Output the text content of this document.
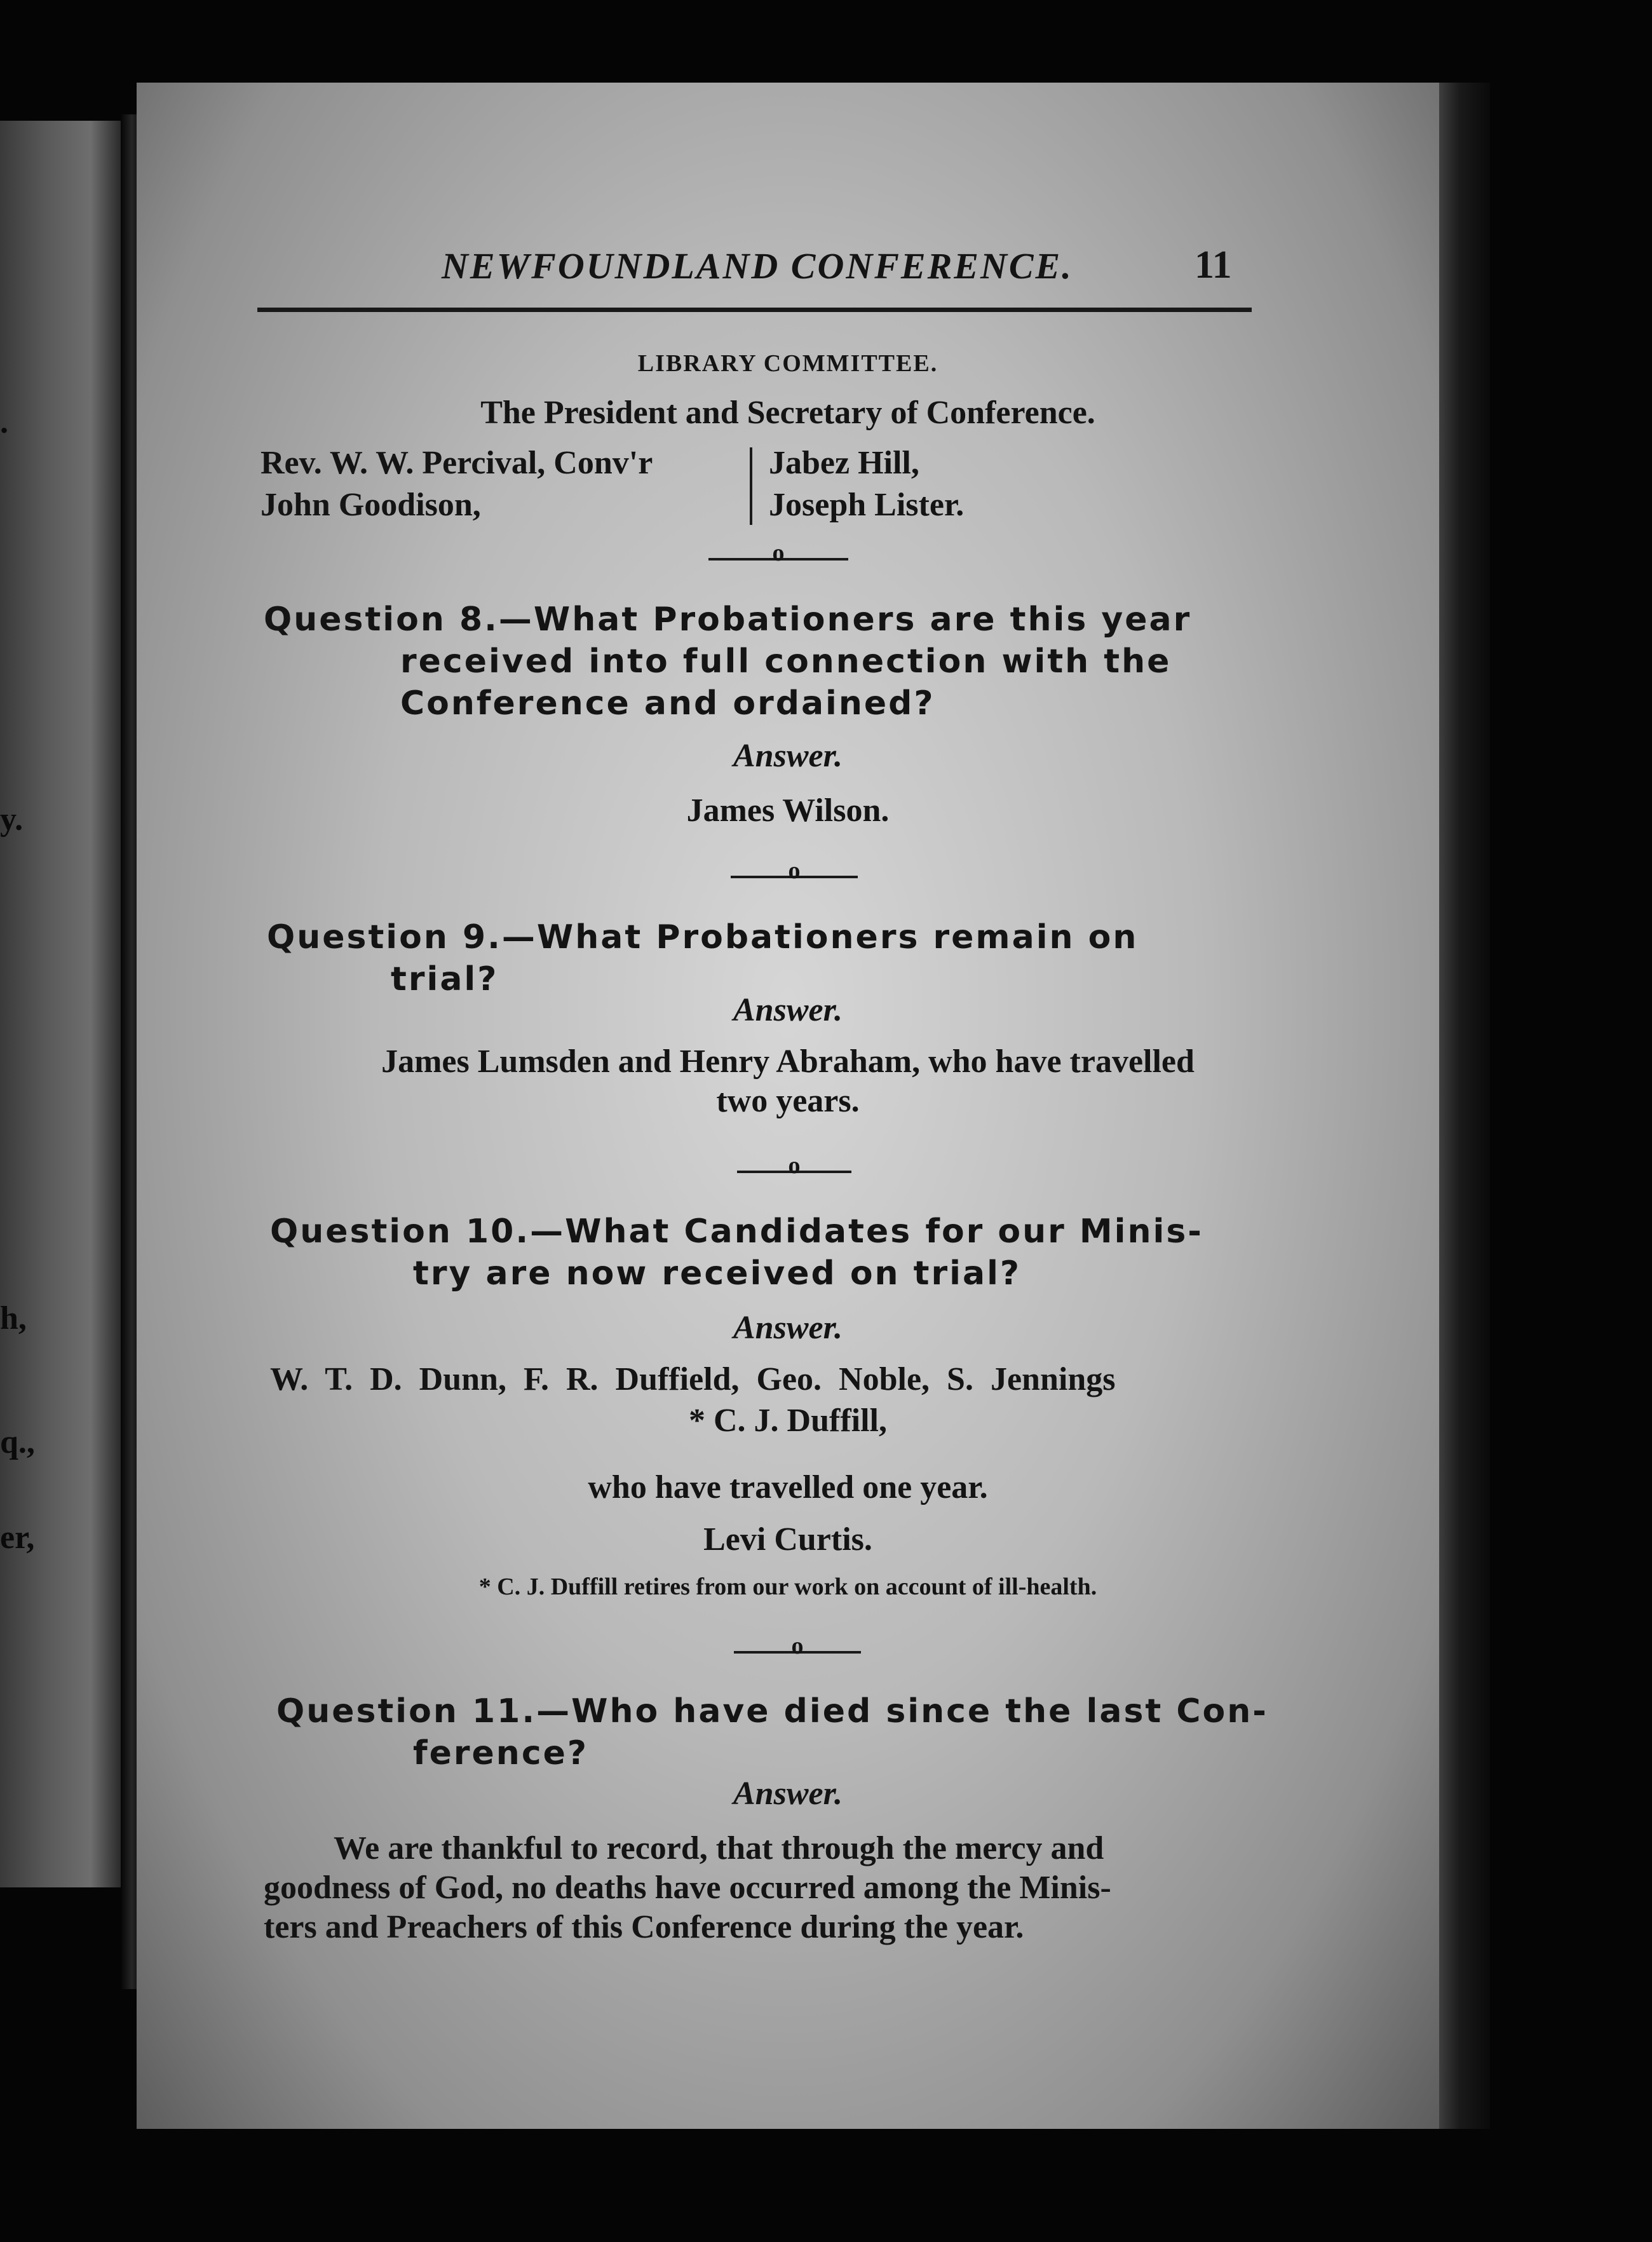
.
y.
h,
q.,
er,
NEWFOUNDLAND CONFERENCE.	11
LIBRARY COMMITTEE.
The President and Secretary of Conference.
Rev. W. W. Percival, Conv'r
John Goodison,
Jabez Hill,
Joseph Lister.
o
Question 8.—What Probationers are this year
received into full connection with the
Conference and ordained?
Answer.
James Wilson.
o
Question 9.—What Probationers remain on
trial?
Answer.
James Lumsden and Henry Abraham, who have travelled
two years.
o
Question 10.—What Candidates for our Minis-
try are now received on trial?
Answer.
W. T. D. Dunn, F. R. Duffield, Geo. Noble, S. Jennings
* C. J. Duffill,
who have travelled one year.
Levi Curtis.
* C. J. Duffill retires from our work on account of ill-health.
o
Question 11.—Who have died since the last Con-
ference?
Answer.
We are thankful to record, that through the mercy and
goodness of God, no deaths have occurred among the Minis-
ters and Preachers of this Conference during the year.
